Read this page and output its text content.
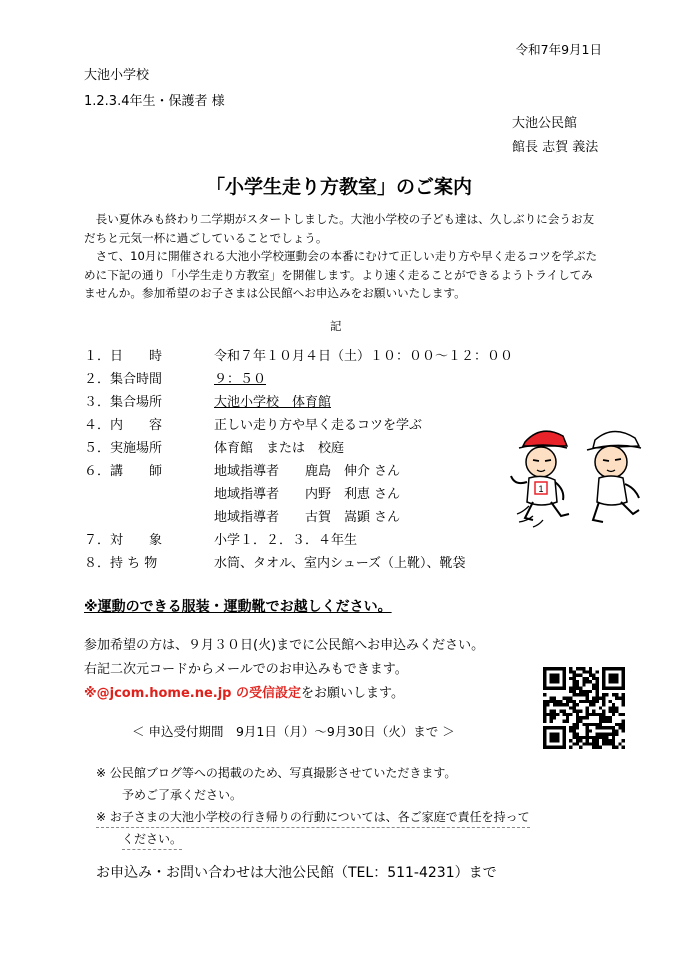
令和7年9月1日
大池小学校
1.2.3.4年生・保護者 様
大池公民館
館長 志賀 義法
「小学生走り方教室」のご案内

長い夏休みも終わり二学期がスタートしました。大池小学校の子ども達は、久しぶりに会うお友だちと元気一杯に過ごしていることでしょう。

さて、10月に開催される大池小学校運動会の本番にむけて正しい走り方や早く走るコツを学ぶために下記の通り「小学生走り方教室」を開催します。より速く走ることができるようトライしてみませんか。参加希望のお子さまは公民館へお申込みをお願いいたします。

記
１．日　　時	令和７年１０月４日（土）１０：００～１２：００
２．集合時間	９：５０
３．集合場所	大池小学校　体育館
４．内　　容	正しい走り方や早く走るコツを学ぶ
５．実施場所	体育館　または　校庭
６．講　　師	地域指導者　　鹿島　伸介 さん
地域指導者　　内野　利恵 さん
地域指導者　　古賀　嵩顕 さん
７．対　　象	小学１．２．３．４年生
８．持 ち 物	水筒、タオル、室内シューズ（上靴）、靴袋
1
※運動のできる服装・運動靴でお越しください。
参加希望の方は、９月３０日(火)までに公民館へお申込みください。
右記二次元コードからメールでのお申込みもできます。
※@jcom.home.ne.jp の受信設定をお願いします。
＜ 申込受付期間　9月1日（月）～9月30日（火）まで ＞
※ 公民館ブログ等への掲載のため、写真撮影させていただきます。
予めご了承ください。
※ お子さまの大池小学校の行き帰りの行動については、各ご家庭で責任を持って
ください。
お申込み・お問い合わせは大池公民館（TEL：511-4231）まで
